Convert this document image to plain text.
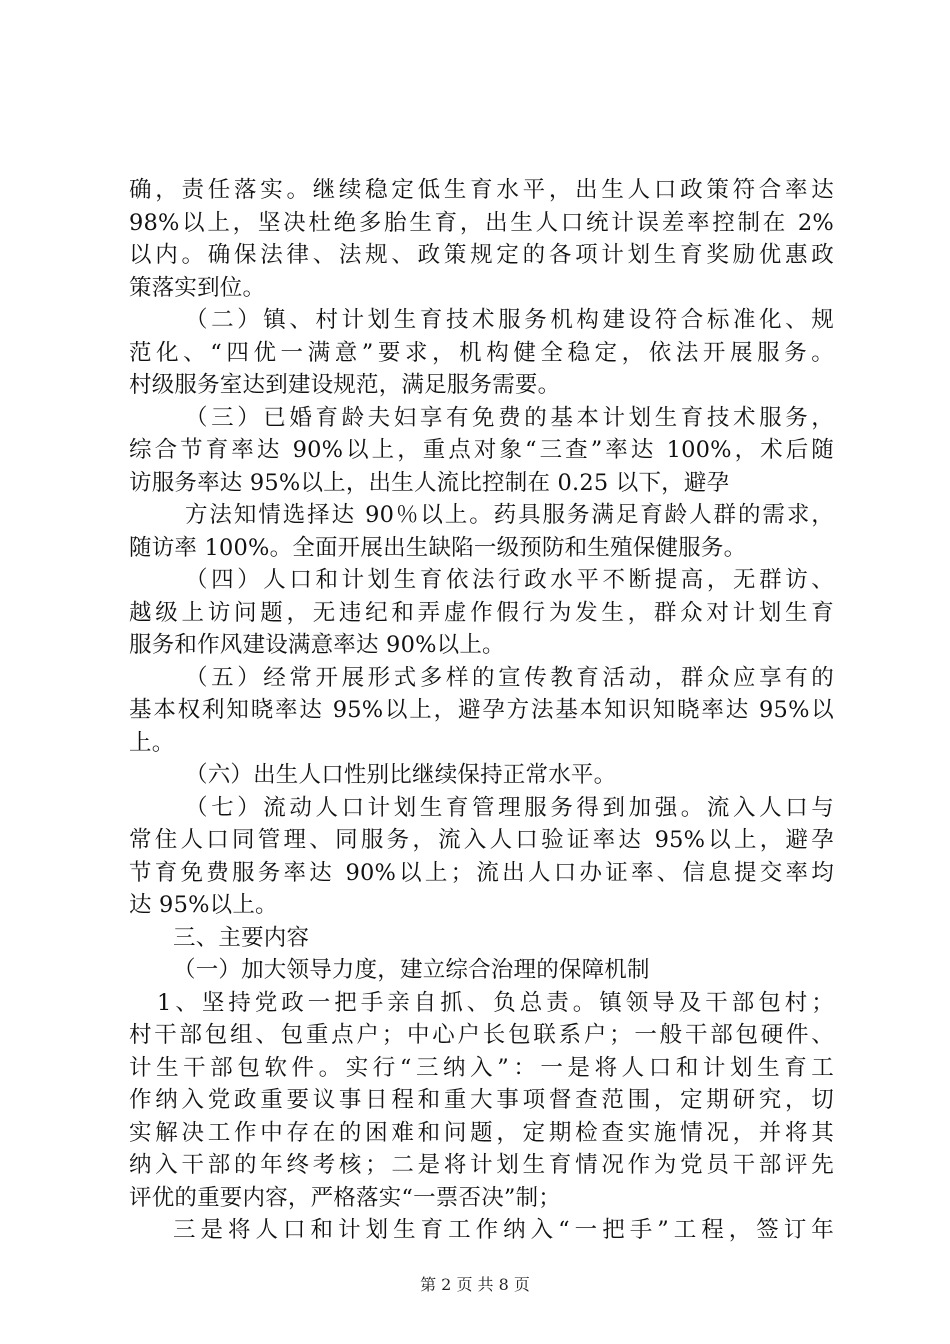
确，责任落实。继续稳定低生育水平，出生人口政策符合率达
98%以上，坚决杜绝多胎生育，出生人口统计误差率控制在 2%
以内。确保法律、法规、政策规定的各项计划生育奖励优惠政
策落实到位。
（二）镇、村计划生育技术服务机构建设符合标准化、规
范化、“四优一满意”要求，机构健全稳定，依法开展服务。
村级服务室达到建设规范，满足服务需要。
（三）已婚育龄夫妇享有免费的基本计划生育技术服务，
综合节育率达 90%以上，重点对象“三查”率达 100%，术后随
访服务率达 95%以上，出生人流比控制在 0.25 以下，避孕
方法知情选择达 90％以上。药具服务满足育龄人群的需求，
随访率 100%。全面开展出生缺陷一级预防和生殖保健服务。
（四）人口和计划生育依法行政水平不断提高，无群访、
越级上访问题，无违纪和弄虚作假行为发生，群众对计划生育
服务和作风建设满意率达 90%以上。
（五）经常开展形式多样的宣传教育活动，群众应享有的
基本权利知晓率达 95%以上，避孕方法基本知识知晓率达 95%以
上。
（六）出生人口性别比继续保持正常水平。
（七）流动人口计划生育管理服务得到加强。流入人口与
常住人口同管理、同服务，流入人口验证率达 95%以上，避孕
节育免费服务率达 90%以上；流出人口办证率、信息提交率均
达 95%以上。
三、主要内容
（一）加大领导力度，建立综合治理的保障机制
1、坚持党政一把手亲自抓、负总责。镇领导及干部包村；
村干部包组、包重点户；中心户长包联系户；一般干部包硬件、
计生干部包软件。实行“三纳入”：一是将人口和计划生育工
作纳入党政重要议事日程和重大事项督查范围，定期研究，切
实解决工作中存在的困难和问题，定期检查实施情况，并将其
纳入干部的年终考核；二是将计划生育情况作为党员干部评先
评优的重要内容，严格落实“一票否决”制；
三是将人口和计划生育工作纳入“一把手”工程，签订年
第 2 页 共 8 页
